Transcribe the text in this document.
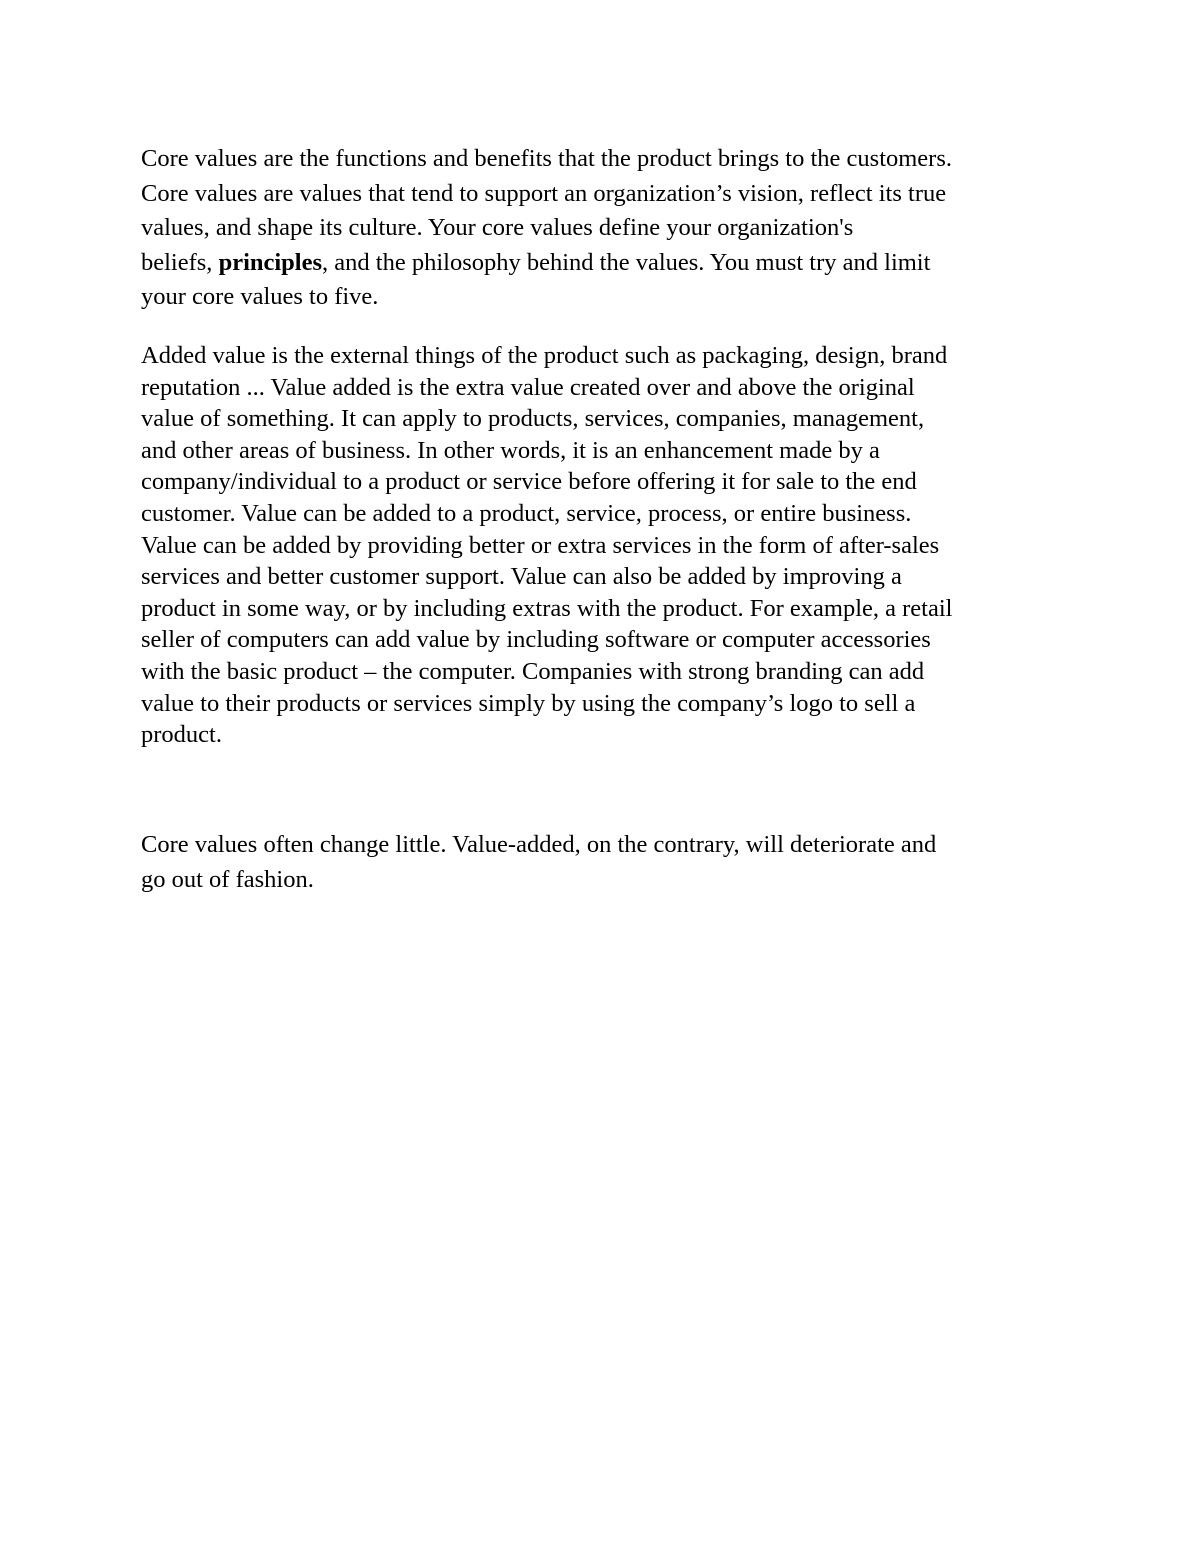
Core values are the functions and benefits that the product brings to the customers.
Core values are values that tend to support an organization’s vision, reflect its true
values, and shape its culture. Your core values define your organization's
beliefs, principles, and the philosophy behind the values. You must try and limit
your core values to five.

Added value is the external things of the product such as packaging, design, brand
reputation ... Value added is the extra value created over and above the original
value of something. It can apply to products, services, companies, management,
and other areas of business. In other words, it is an enhancement made by a
company/individual to a product or service before offering it for sale to the end
customer. Value can be added to a product, service, process, or entire business.
Value can be added by providing better or extra services in the form of after-sales
services and better customer support. Value can also be added by improving a
product in some way, or by including extras with the product. For example, a retail
seller of computers can add value by including software or computer accessories
with the basic product – the computer. Companies with strong branding can add
value to their products or services simply by using the company’s logo to sell a
product.

Core values often change little. Value-added, on the contrary, will deteriorate and
go out of fashion.
